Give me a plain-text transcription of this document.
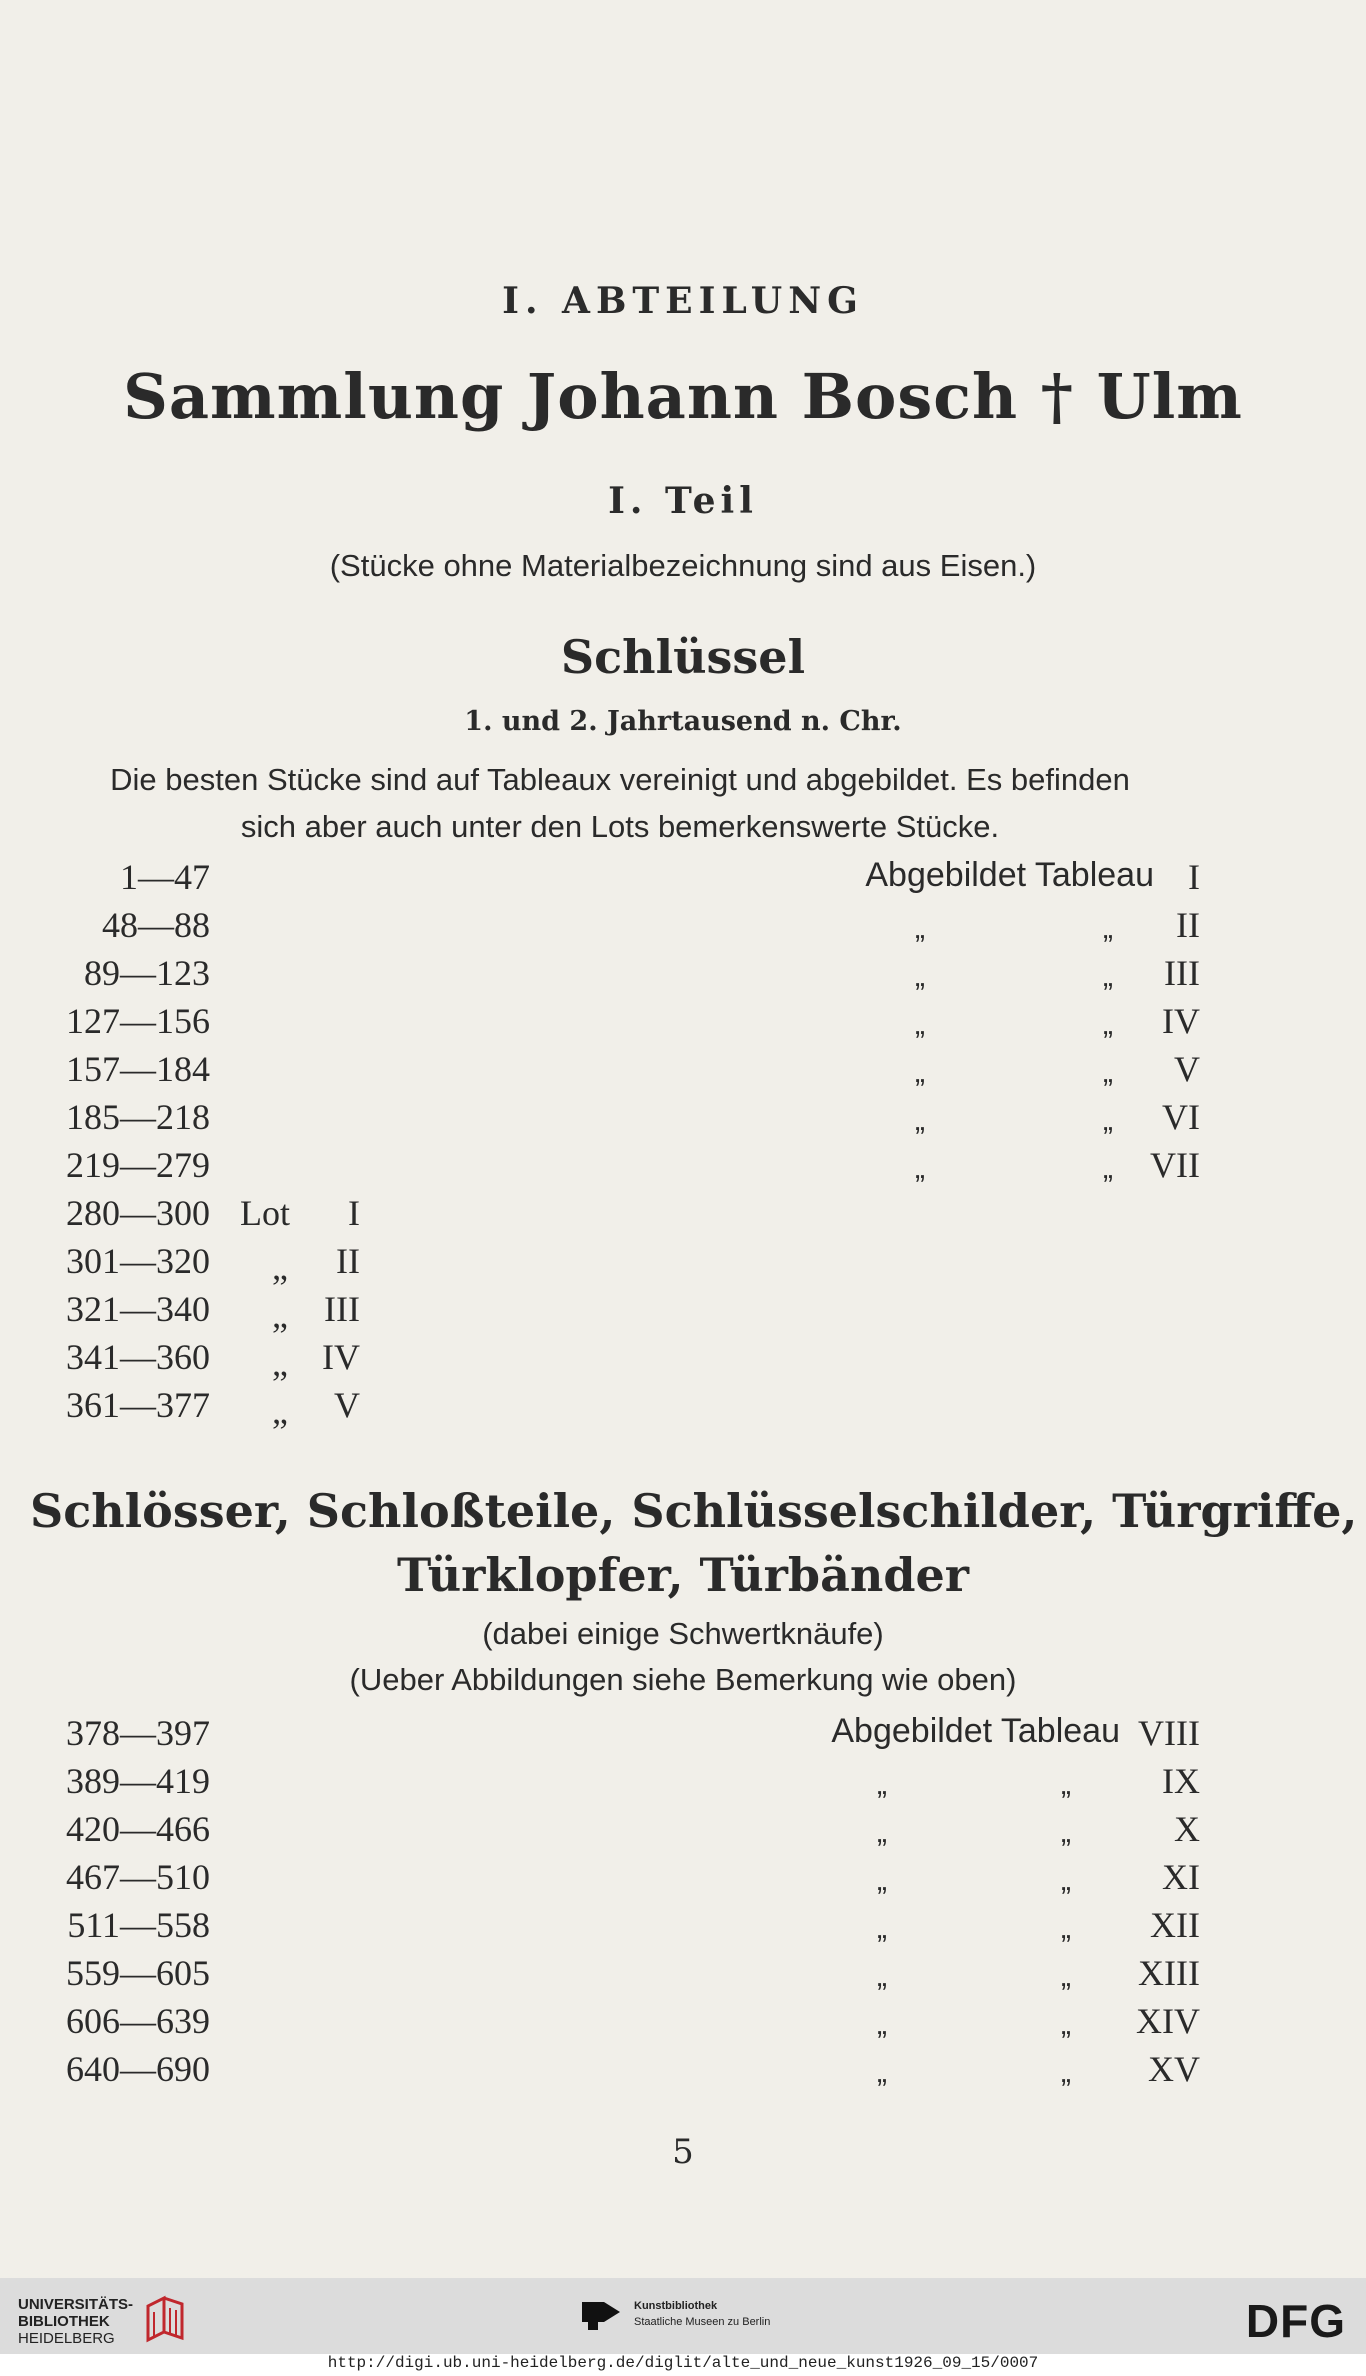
I. ABTEILUNG
Sammlung Johann Bosch † Ulm
I. Teil
(Stücke ohne Materialbezeichnung sind aus Eisen.)
Schlüssel
1. und 2. Jahrtausend n. Chr.
Die besten Stücke sind auf Tableaux vereinigt und abgebildet. Es befinden
sich aber auch unter den Lots bemerkenswerte Stücke.
1—47	Abgebildet Tableau I
48—88	„	„	II
89—123	„	„	III
127—156	„	„	IV
157—184	„	„	V
185—218	„	„	VI
219—279	„	„	VII
280—300 Lot	I
301—320 „	II
321—340 „	III
341—360 „ IV
361—377 „	V
Schlösser, Schloßteile, Schlüsselschilder, Türgriffe,
Türklopfer, Türbänder
(dabei einige Schwertknäufe)
(Ueber Abbildungen siehe Bemerkung wie oben)
378—397	Abgebildet Tableau VIII
389—419	„	„	IX
420—466	„	„	X
467—510	„	„	XI
511—558	„	„	XII
559—605	„	„	XIII
606—639	„	„	XIV
640—690	„	„	XV
5
UNIVERSITÄTS-
BIBLIOTHEK
HEIDELBERG
Kunstbibliothek
Staatliche Museen zu Berlin	DFG
http://digi.ub.uni-heidelberg.de/diglit/alte_und_neue_kunst1926_09_15/0007
